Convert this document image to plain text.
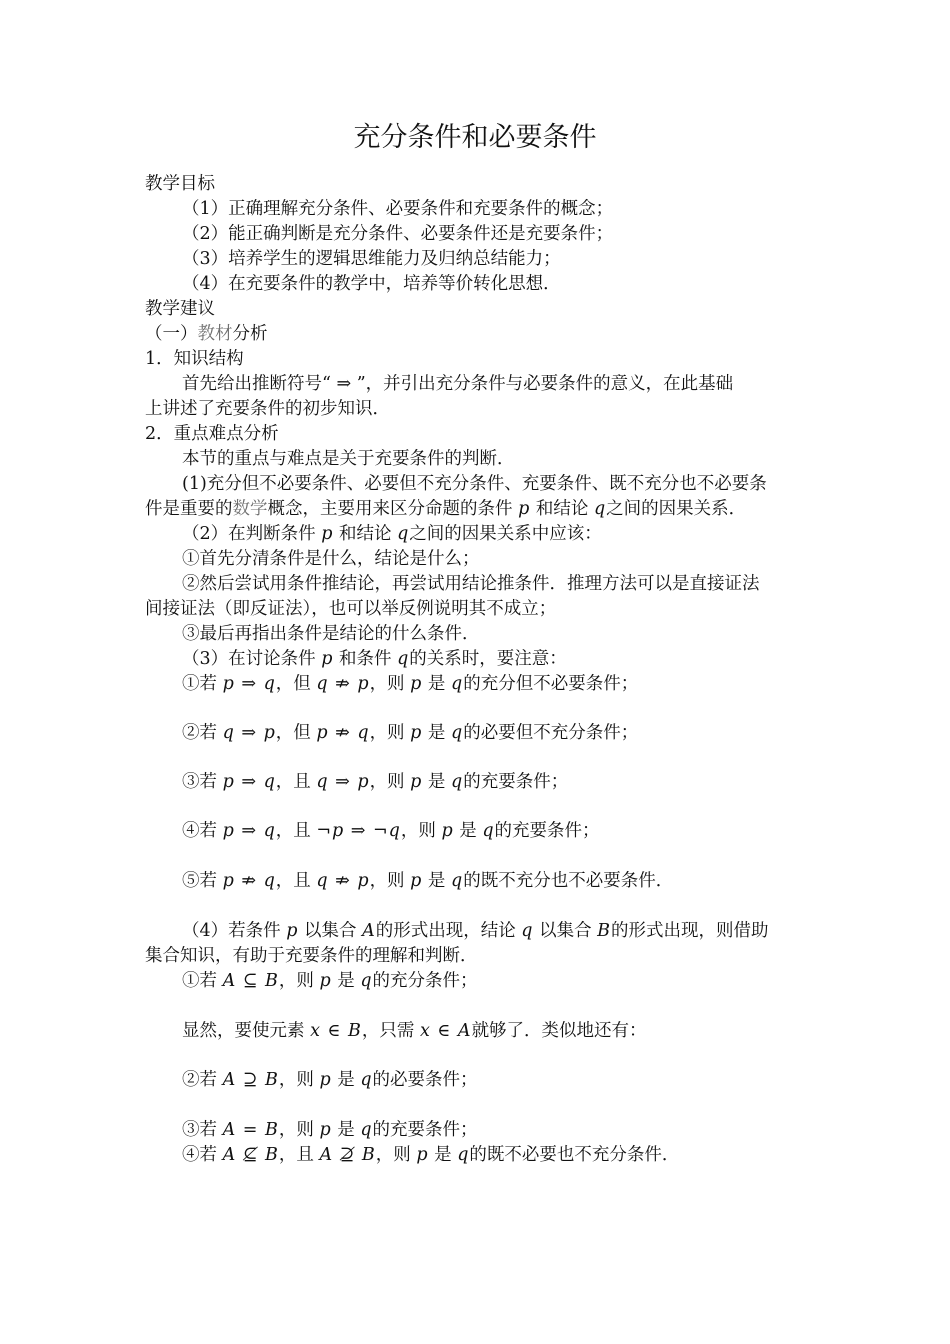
充分条件和必要条件
教学目标
（1）正确理解充分条件、必要条件和充要条件的概念；
（2）能正确判断是充分条件、必要条件还是充要条件；
（3）培养学生的逻辑思维能力及归纳总结能力；
（4）在充要条件的教学中，培养等价转化思想．
教学建议
（一）教材分析
1．知识结构
首先给出推断符号“ ⇒ ”，并引出充分条件与必要条件的意义，在此基础
上讲述了充要条件的初步知识．
2．重点难点分析
本节的重点与难点是关于充要条件的判断．
(1)充分但不必要条件、必要但不充分条件、充要条件、既不充分也不必要条
件是重要的数学概念，主要用来区分命题的条件 p 和结论 q之间的因果关系．
（2）在判断条件 p 和结论 q之间的因果关系中应该：
①首先分清条件是什么，结论是什么；
②然后尝试用条件推结论，再尝试用结论推条件．推理方法可以是直接证法
间接证法（即反证法），也可以举反例说明其不成立；
③最后再指出条件是结论的什么条件．
（3）在讨论条件 p 和条件 q的关系时，要注意：
①若 p ⇒ q，但 q ⇏ p，则 p 是 q的充分但不必要条件；
②若 q ⇒ p，但 p ⇏ q，则 p 是 q的必要但不充分条件；
③若 p ⇒ q，且 q ⇒ p，则 p 是 q的充要条件；
④若 p ⇒ q，且 ¬p ⇒ ¬q，则 p 是 q的充要条件；
⑤若 p ⇏ q，且 q ⇏ p，则 p 是 q的既不充分也不必要条件．
（4）若条件 p 以集合 A的形式出现，结论 q 以集合 B的形式出现，则借助
集合知识，有助于充要条件的理解和判断．
①若 A ⊆ B，则 p 是 q的充分条件；
显然，要使元素 x ∈ B，只需 x ∈ A就够了．类似地还有：
②若 A ⊇ B，则 p 是 q的必要条件；
③若 A = B，则 p 是 q的充要条件；
④若 A ⊈ B，且 A ⊉ B，则 p 是 q的既不必要也不充分条件．
